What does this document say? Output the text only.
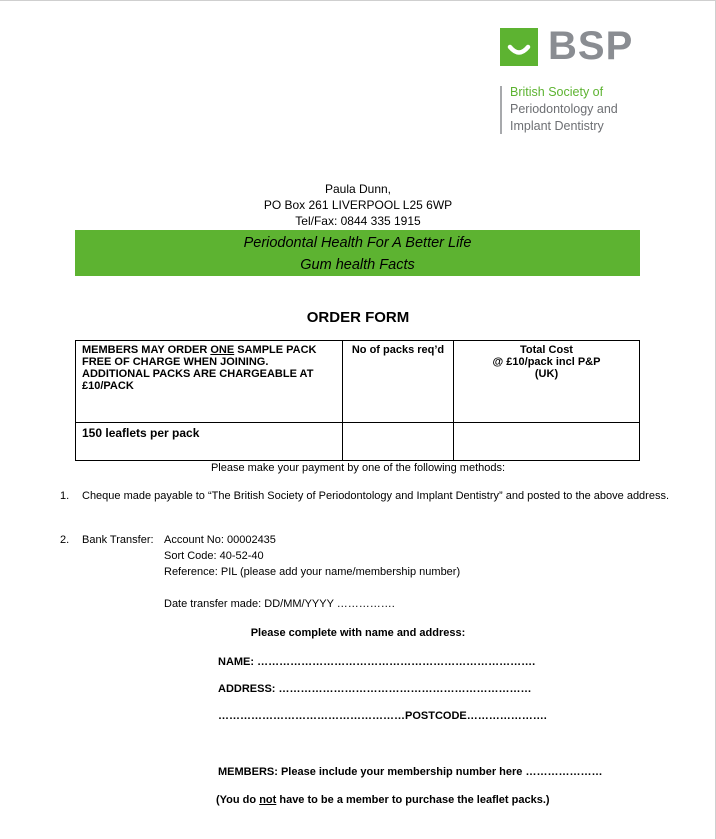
BSP
British Society of
Periodontology and
Implant Dentistry
Paula Dunn,
PO Box 261 LIVERPOOL L25 6WP
Tel/Fax: 0844 335 1915
Periodontal Health For A Better Life
Gum health Facts
ORDER FORM
MEMBERS MAY ORDER ONE SAMPLE PACK FREE OF CHARGE WHEN JOINING. ADDITIONAL PACKS ARE CHARGEABLE AT £10/PACK	No of packs req’d	Total Cost
@ £10/pack incl P&P
(UK)

150 leaflets per pack		
Please make your payment by one of the following methods:
1. Cheque made payable to “The British Society of Periodontology and Implant Dentistry” and posted to the above address.
2. Bank Transfer: Account No: 00002435
Sort Code: 40-52-40
Reference: PIL (please add your name/membership number)
Date transfer made: DD/MM/YYYY …………….
Please complete with name and address:
NAME: ………………………………………………………………….
ADDRESS: ……………………………………………………………
……………………………………………POSTCODE………………….
MEMBERS: Please include your membership number here …………………
(You do not have to be a member to purchase the leaflet packs.)
